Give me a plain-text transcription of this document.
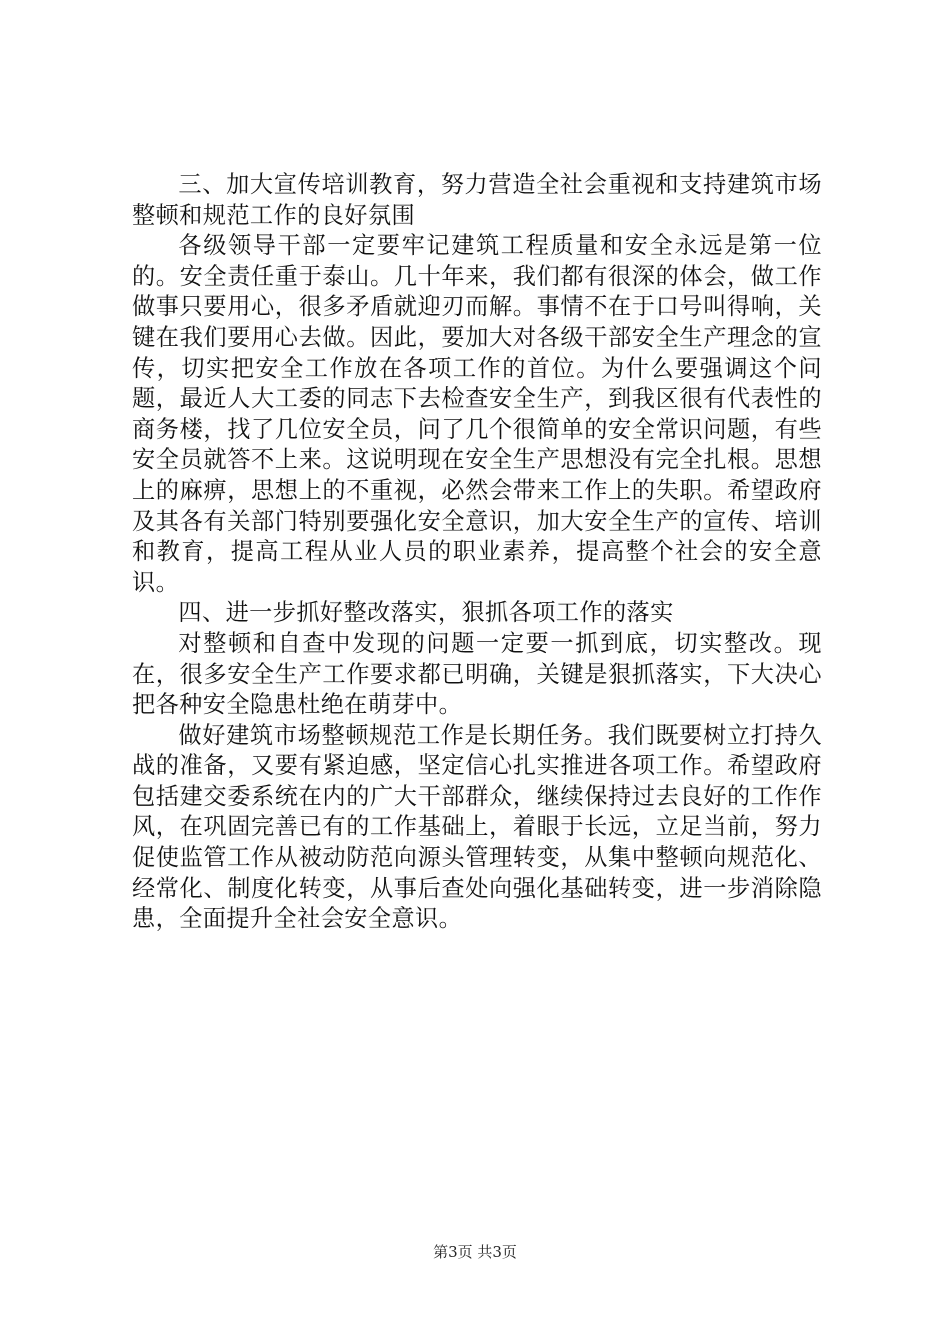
三、加大宣传培训教育，努力营造全社会重视和支持建筑市场整顿和规范工作的良好氛围

各级领导干部一定要牢记建筑工程质量和安全永远是第一位的。安全责任重于泰山。几十年来，我们都有很深的体会，做工作做事只要用心，很多矛盾就迎刃而解。事情不在于口号叫得响，关键在我们要用心去做。因此，要加大对各级干部安全生产理念的宣传，切实把安全工作放在各项工作的首位。为什么要强调这个问题，最近人大工委的同志下去检查安全生产，到我区很有代表性的商务楼，找了几位安全员，问了几个很简单的安全常识问题，有些安全员就答不上来。这说明现在安全生产思想没有完全扎根。思想上的麻痹，思想上的不重视，必然会带来工作上的失职。希望政府及其各有关部门特别要强化安全意识，加大安全生产的宣传、培训和教育，提高工程从业人员的职业素养，提高整个社会的安全意识。

四、进一步抓好整改落实，狠抓各项工作的落实

对整顿和自查中发现的问题一定要一抓到底，切实整改。现在，很多安全生产工作要求都已明确，关键是狠抓落实，下大决心把各种安全隐患杜绝在萌芽中。

做好建筑市场整顿规范工作是长期任务。我们既要树立打持久战的准备，又要有紧迫感，坚定信心扎实推进各项工作。希望政府包括建交委系统在内的广大干部群众，继续保持过去良好的工作作风，在巩固完善已有的工作基础上，着眼于长远，立足当前，努力促使监管工作从被动防范向源头管理转变，从集中整顿向规范化、经常化、制度化转变，从事后查处向强化基础转变，进一步消除隐患，全面提升全社会安全意识。

第3页 共3页
